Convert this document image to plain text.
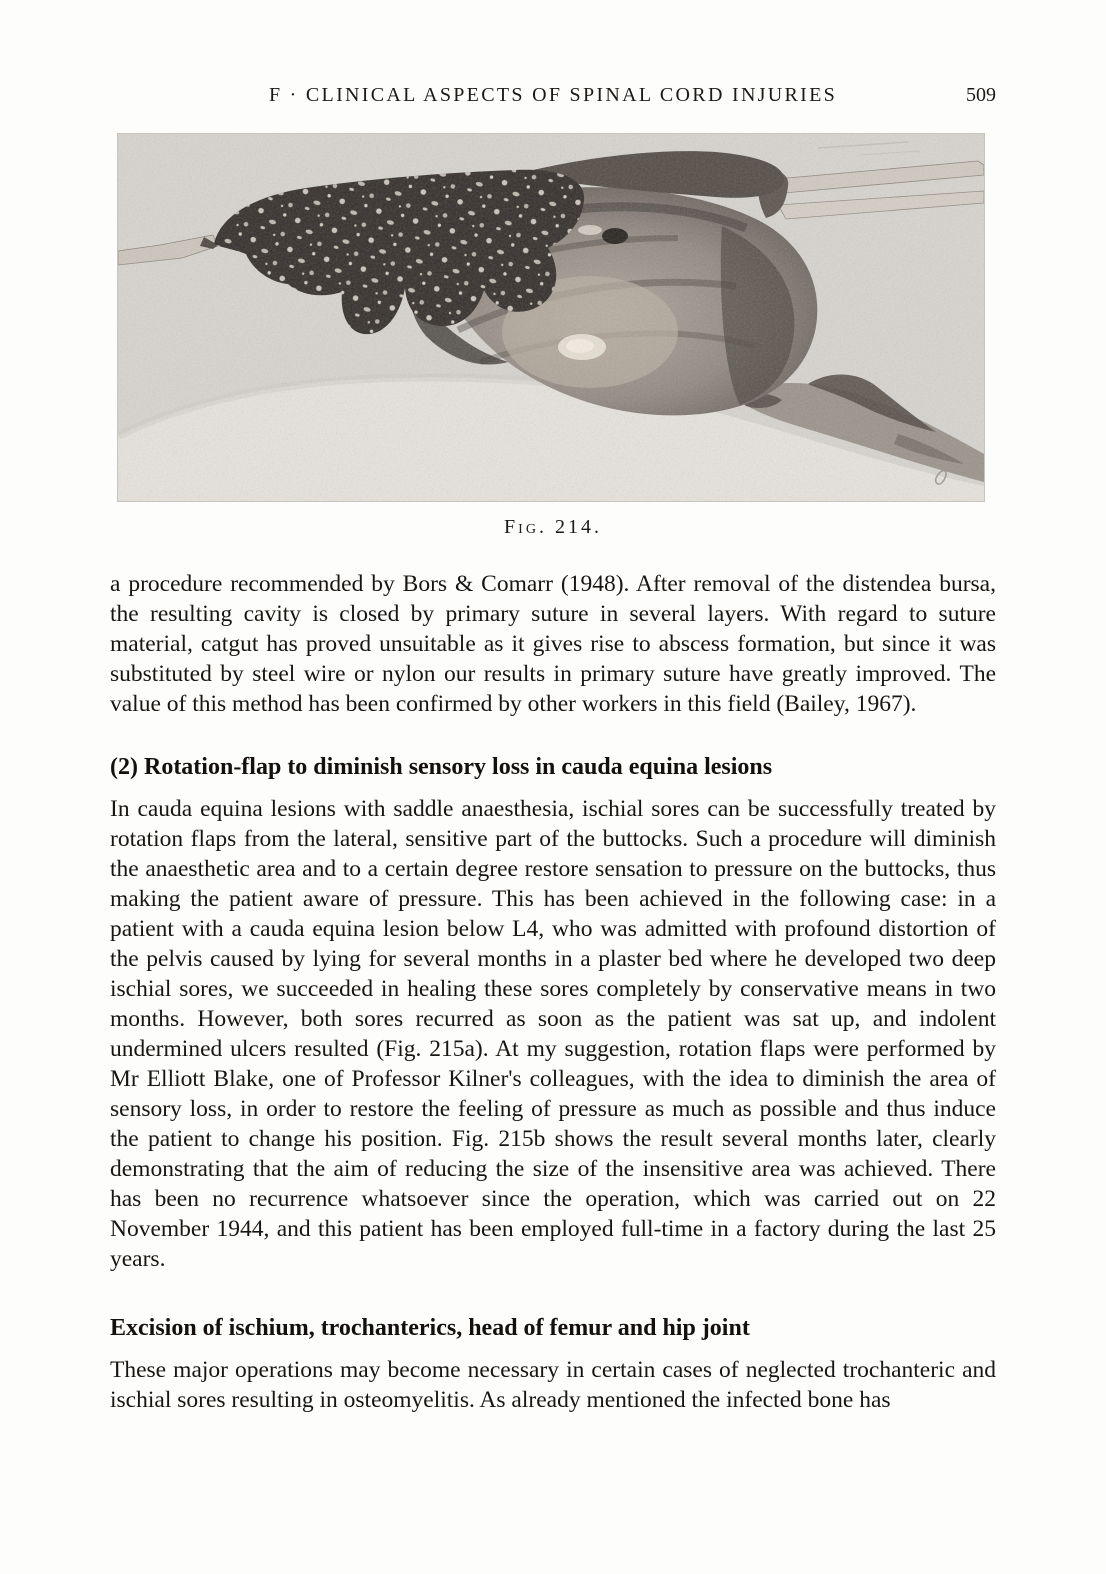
F · CLINICAL ASPECTS OF SPINAL CORD INJURIES	509
Fig. 214.

a procedure recommended by Bors & Comarr (1948). After removal of the distendea bursa, the resulting cavity is closed by primary suture in several layers. With regard to suture material, catgut has proved unsuitable as it gives rise to abscess formation, but since it was substituted by steel wire or nylon our results in primary suture have greatly improved. The value of this method has been confirmed by other workers in this field (Bailey, 1967).

(2) Rotation-flap to diminish sensory loss in cauda equina lesions

In cauda equina lesions with saddle anaesthesia, ischial sores can be successfully treated by rotation flaps from the lateral, sensitive part of the buttocks. Such a procedure will diminish the anaesthetic area and to a certain degree restore sensation to pressure on the buttocks, thus making the patient aware of pressure. This has been achieved in the following case: in a patient with a cauda equina lesion below L4, who was admitted with profound distortion of the pelvis caused by lying for several months in a plaster bed where he developed two deep ischial sores, we succeeded in healing these sores completely by conservative means in two months. However, both sores recurred as soon as the patient was sat up, and indolent undermined ulcers resulted (Fig. 215a). At my suggestion, rotation flaps were performed by Mr Elliott Blake, one of Professor Kilner's colleagues, with the idea to diminish the area of sensory loss, in order to restore the feeling of pressure as much as possible and thus induce the patient to change his position. Fig. 215b shows the result several months later, clearly demonstrating that the aim of reducing the size of the insensitive area was achieved. There has been no recurrence whatsoever since the operation, which was carried out on 22 November 1944, and this patient has been employed full-time in a factory during the last 25 years.

Excision of ischium, trochanterics, head of femur and hip joint

These major operations may become necessary in certain cases of neglected trochanteric and ischial sores resulting in osteomyelitis. As already mentioned the infected bone has
